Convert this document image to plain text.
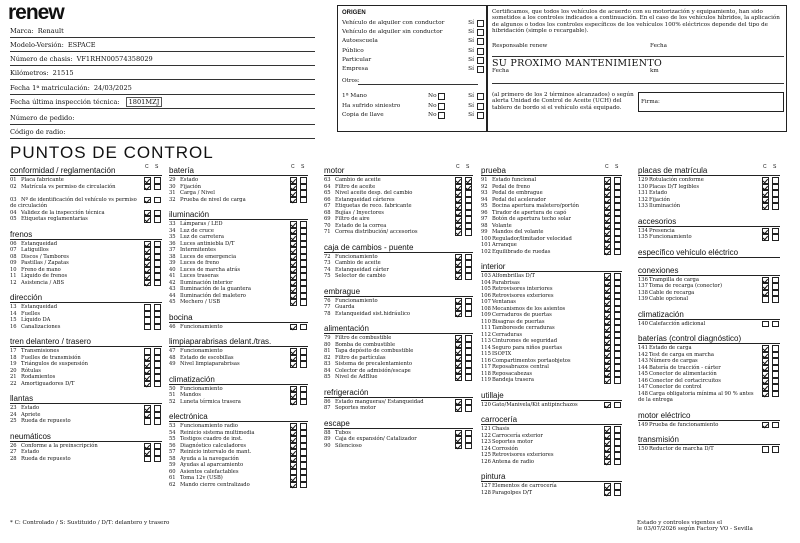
renew
Marca: Renault
Modelo-Versión: ESPACE
Número de chasis: VF1RHN00574358029
Kilómetros: 21515
Fecha 1ª matriculación: 24/03/2025
Fecha última inspección técnica: 1801MZJ
Número de pedido:
Código de radio:
ORIGEN
Vehículo de alquiler con conductor	Sí
Vehículo de alquiler sin conductor	Sí
Autoescuela	Sí
Público	Sí
Particular	Sí
Empresa	Sí
Otros:
1ª Mano	No	Sí
Ha sufrido siniestro	No	Sí
Copia de llave	No	Sí
Certificamos, que todos los vehículos de acuerdo con su motorización y equipamiento, han sido sometidos a los controles indicados a continuación. En el caso de los vehículos híbridos, la aplicación de algunos o todos los controles específicos de los vehículos 100% eléctricos depende del tipo de hibridación (simple o recargable).
Responsable renew	Fecha
SU PROXIMO MANTENIMIENTO
Fecha	km
(al primero de los 2 términos alcanzados) o según alerta Unidad de Control de Aceite (UCH) del tablero de bordo si el vehículo está equipado.
Firma:
PUNTOS DE CONTROL
C S
conformidad / reglamentación
01 Placa fabricante
02 Matrícula vs permiso de circulación
03 Nº de identificación del vehículo vs permiso de circulación
04 Validez de la inspección técnica
05 Etiquetas reglamentarias
frenos
06 Estanqueidad
07 Latiguillos
08 Discos / Tambores
09 Pastillas / Zapatas
10 Freno de mano
11 Líquido de frenos
12 Asistencia / ABS
dirección
13 Estanqueidad
14 Fuelles
15 Líquido DA
16 Canalizaciones
tren delantero / trasero
17 Transmisiones
18 Fuelles de transmisión
19 Triángulos de suspensión
20 Rótulas
21 Rodamientos
22 Amortiguadores D/T
llantas
23 Estado
24 Apriete
25 Rueda de repuesto
neumáticos
26 Conforme a la preinscripción
27 Estado
28 Rueda de repuesto
C S
batería
29 Estado
30 Fijación
31 Carga / Nivel
32 Prueba de nivel de carga
iluminación
33 Lámparas / LED
34 Luz de cruce
35 Luz de carretera
36 Luces antiniebla D/T
37 Intermitentes
38 Luces de emergencia
39 Luces de freno
40 Luces de marcha atrás
41 Luces traseras
42 Iluminación interior
43 Iluminación de la guantera
44 Iluminación del maletero
45 Mechero / USB
bocina
46 Funcionamiento
limpiaparabrisas delant./tras.
47 Funcionamiento
48 Estado de escobillas
49 Nivel limpiaparabrisas
climatización
50 Funcionamiento
51 Mandos
52 Luneta térmica trasera
electrónica
53 Funcionamiento radio
54 Reinicio sistema multimedia
55 Testigos cuadro de inst.
56 Diagnóstico calculadores
57 Reinicio intervalo de mant.
58 Ayuda a la navegación
59 Ayudas al aparcamiento
60 Asientos calefactables
61 Toma 12v (USB)
62 Mando cierre centralizado
C S
motor
63 Cambio de aceite
64 Filtro de aceite
65 Nivel aceite desp. del cambio
66 Estanqueidad cárteres
67 Etiquetas de reco. fabricante
68 Bujías / Inyectores
69 Filtro de aire
70 Estado de la correa
71 Correa distribución/ accesorios
caja de cambios - puente
72 Funcionamiento
73 Cambio de aceite
74 Estanqueidad cárter
75 Selector de cambio
embrague
76 Funcionamiento
77 Guarda
78 Estanqueidad sist.hidráulico
alimentación
79 Filtro de combustible
80 Bomba de combustible
81 Tapa depósito de combustible
82 Filtro de partículas
83 Sistema de precalentamiento
84 Colector de admisión/escape
85 Nivel de AdBlue
refrigeración
86 Estado mangueras/ Estanqueidad
87 Soportes motor
escape
88 Tubos
89 Caja de expansión/ Catalizador
90 Silencioso
C S
prueba
91 Estado funcional
92 Pedal de freno
93 Pedal de embrague
94 Pedal del acelerador
95 Bocina apertura maletero/portón
96 Tirador de apertura de capó
97 Botón de apertura techo solar
98 Volante
99 Mandos del volante
100Regulador/limitador velocidad
101Arranque
102Equilibrado de ruedas
interior
103Alfombrillas D/T
104Parabrisas
105Retrovisores interiores
106Retrovisores exteriores
107Ventanas
108Mecanismos de los asientos
109Cerraduros de puertas
110Bisagras de puertas
111Tamboresde cerraduras
112Cerraduras
113Cinturones de seguridad
114Seguro para niños puertas
115ISOFIX
116Compartimentos portaobjetos
117Reposabrazos central
118Reposacabezas
119Bandeja trasera
utillaje
120Gato/Manivela/Kit antipinchazos
carrocería
121Chasis
122Carrocería exterior
123Soportes motor
124Corrosión
125Retrovisores exteriores
126Antena de radio
pintura
127Elementos de carrocería
128Paragolpes D/T
C S
placas de matrícula
129Rotulación conforme
130Placas D/T legibles
131Estado
132Fijación
133Iluminación
accesorios
134Presencia
135Funcionamiento
específico vehículo eléctrico
conexiones
136Trampilla de carga
137Toma de recarga (conector)
138Cable de recarga
139Cable opcional
climatización
140Calefacción adicional
baterías (control diagnóstico)
141Estado de carga
142Test de carga en marcha
143Número de cargas
144Batería de tracción - cárter
145Conector de alimentación
146Conector del cortacircuitos
147Conector de control
148Carga obligatoria mínima al 90 % antes de la entrega
motor eléctrico
149Prueba de funcionamiento
transmisión
150Reductor de marcha D/T
* C: Controlado / S: Sustituido / D/T: delantero y trasero	Estado y controles vigentes el
le 03/07/2026 según Factory VO - Sevilla
